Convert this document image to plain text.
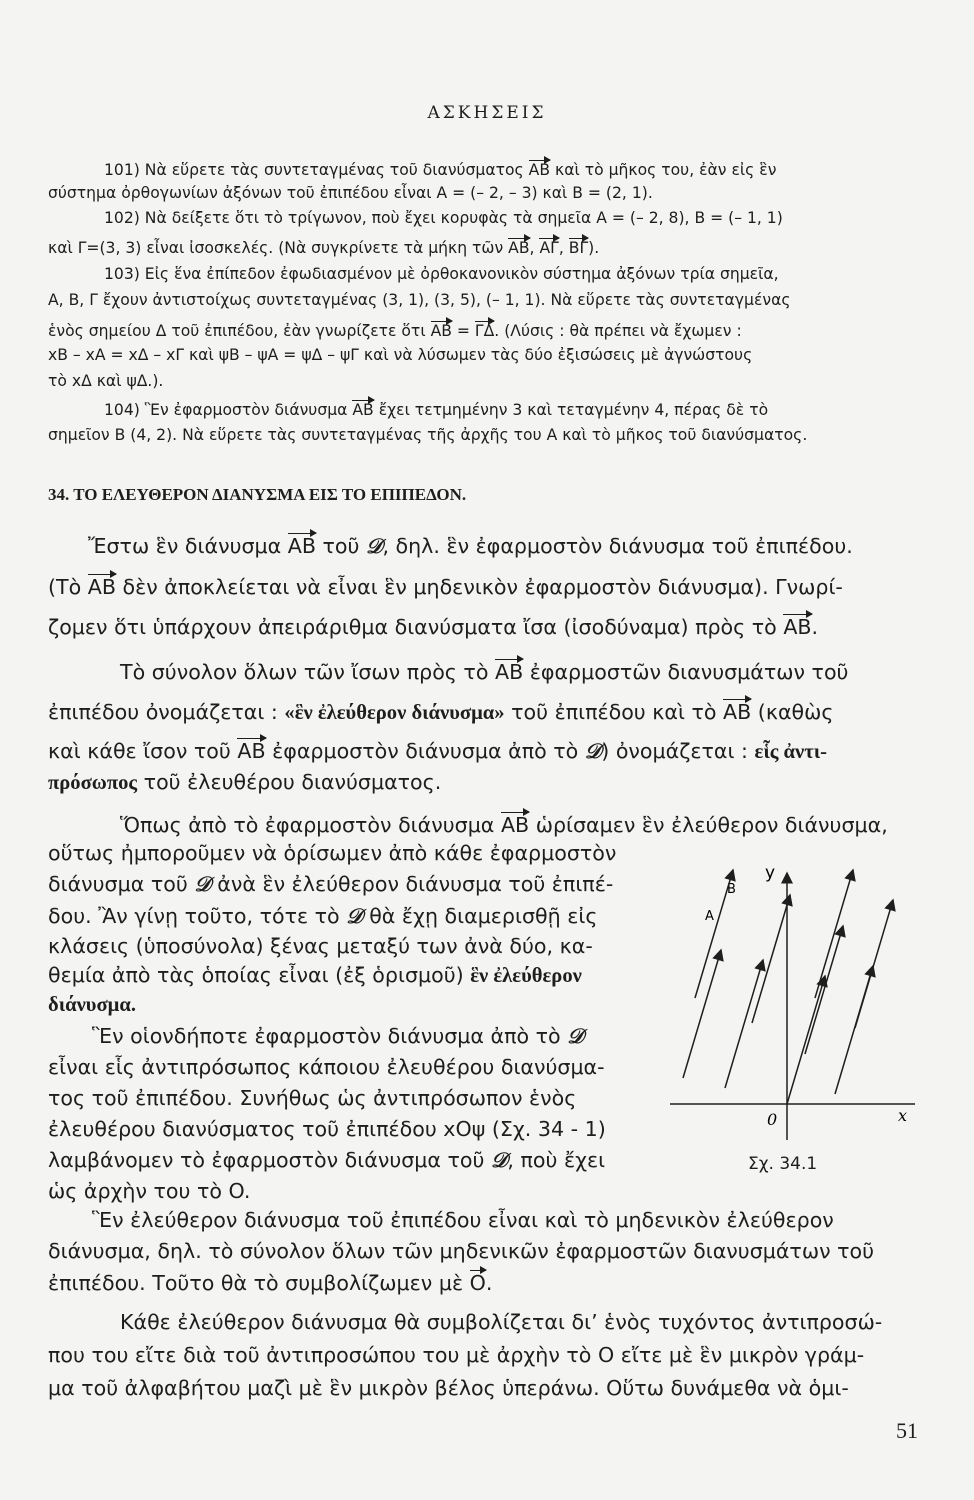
ΑΣΚΗΣΕΙΣ
101) Νὰ εὕρετε τὰς συντεταγμένας τοῦ διανύσματος ΑΒ καὶ τὸ μῆκος του, ἐὰν εἰς ἓν
σύστημα ὀρθογωνίων ἀξόνων τοῦ ἐπιπέδου εἶναι Α = (– 2, – 3) καὶ Β = (2, 1).
102) Νὰ δείξετε ὅτι τὸ τρίγωνον, ποὺ ἔχει κορυφὰς τὰ σημεῖα Α = (– 2, 8), Β = (– 1, 1)
καὶ Γ=(3, 3) εἶναι ἰσοσκελές. (Νὰ συγκρίνετε τὰ μήκη τῶν ΑΒ, ΑΓ, ΒΓ).
103) Εἰς ἕνα ἐπίπεδον ἐφωδιασμένον μὲ ὀρθοκανονικὸν σύστημα ἀξόνων τρία σημεῖα,
Α, Β, Γ ἔχουν ἀντιστοίχως συντεταγμένας (3, 1), (3, 5), (– 1, 1). Νὰ εὕρετε τὰς συντεταγμένας
ἑνὸς σημείου Δ τοῦ ἐπιπέδου, ἐὰν γνωρίζετε ὅτι ΑΒ = ΓΔ. (Λύσις : θὰ πρέπει νὰ ἔχωμεν :
xΒ – xΑ = xΔ – xΓ καὶ ψΒ – ψΑ = ψΔ – ψΓ καὶ νὰ λύσωμεν τὰς δύο ἐξισώσεις μὲ ἀγνώστους
τὸ xΔ καὶ ψΔ.).
104) Ἓν ἐφαρμοστὸν διάνυσμα ΑΒ ἔχει τετμημένην 3 καὶ τεταγμένην 4, πέρας δὲ τὸ
σημεῖον Β (4, 2). Νὰ εὕρετε τὰς συντεταγμένας τῆς ἀρχῆς του Α καὶ τὸ μῆκος τοῦ διανύσματος.
34. ΤΟ ΕΛΕΥΘΕΡΟΝ ΔΙΑΝΥΣΜΑ ΕΙΣ ΤΟ ΕΠΙΠΕΔΟΝ.
Ἔστω ἓν διάνυσμα ΑΒ τοῦ 𝒟, δηλ. ἓν ἐφαρμοστὸν διάνυσμα τοῦ ἐπιπέδου.
(Τὸ ΑΒ δὲν ἀποκλείεται νὰ εἶναι ἓν μηδενικὸν ἐφαρμοστὸν διάνυσμα). Γνωρί-
ζομεν ὅτι ὑπάρχουν ἀπειράριθμα διανύσματα ἴσα (ἰσοδύναμα) πρὸς τὸ ΑΒ.
Τὸ σύνολον ὅλων τῶν ἴσων πρὸς τὸ ΑΒ ἐφαρμοστῶν διανυσμάτων τοῦ
ἐπιπέδου ὀνομάζεται : «ἓν ἐλεύθερον διάνυσμα» τοῦ ἐπιπέδου καὶ τὸ ΑΒ (καθὼς
καὶ κάθε ἴσον τοῦ ΑΒ ἐφαρμοστὸν διάνυσμα ἀπὸ τὸ 𝒟) ὀνομάζεται : εἷς ἀντι-
πρόσωπος τοῦ ἐλευθέρου διανύσματος.
Ὅπως ἀπὸ τὸ ἐφαρμοστὸν διάνυσμα ΑΒ ὡρίσαμεν ἓν ἐλεύθερον διάνυσμα,
οὕτως ἠμποροῦμεν νὰ ὁρίσωμεν ἀπὸ κάθε ἐφαρμοστὸν
διάνυσμα τοῦ 𝒟 ἀνὰ ἓν ἐλεύθερον διάνυσμα τοῦ ἐπιπέ-
δου. Ἂν γίνῃ τοῦτο, τότε τὸ 𝒟 θὰ ἔχῃ διαμερισθῇ εἰς
κλάσεις (ὑποσύνολα) ξένας μεταξύ των ἀνὰ δύο, κα-
θεμία ἀπὸ τὰς ὁποίας εἶναι (ἐξ ὁρισμοῦ) ἓν ἐλεύθερον
διάνυσμα.
Ἓν οἱονδήποτε ἐφαρμοστὸν διάνυσμα ἀπὸ τὸ 𝒟
εἶναι εἷς ἀντιπρόσωπος κάποιου ἐλευθέρου διανύσμα-
τος τοῦ ἐπιπέδου. Συνήθως ὡς ἀντιπρόσωπον ἑνὸς
ἐλευθέρου διανύσματος τοῦ ἐπιπέδου xOψ (Σχ. 34 - 1)
λαμβάνομεν τὸ ἐφαρμοστὸν διάνυσμα τοῦ 𝒟, ποὺ ἔχει
ὡς ἀρχὴν του τὸ O.
Ἓν ἐλεύθερον διάνυσμα τοῦ ἐπιπέδου εἶναι καὶ τὸ μηδενικὸν ἐλεύθερον
διάνυσμα, δηλ. τὸ σύνολον ὅλων τῶν μηδενικῶν ἐφαρμοστῶν διανυσμάτων τοῦ
ἐπιπέδου. Τοῦτο θὰ τὸ συμβολίζωμεν μὲ O.
Κάθε ἐλεύθερον διάνυσμα θὰ συμβολίζεται δι’ ἑνὸς τυχόντος ἀντιπροσώ-
που του εἴτε διὰ τοῦ ἀντιπροσώπου του μὲ ἀρχὴν τὸ O εἴτε μὲ ἓν μικρὸν γράμ-
μα τοῦ ἀλφαβήτου μαζὶ μὲ ἓν μικρὸν βέλος ὑπεράνω. Οὕτω δυνάμεθα νὰ ὁμι-
y
x
0
A
B
Σχ. 34.1
51
